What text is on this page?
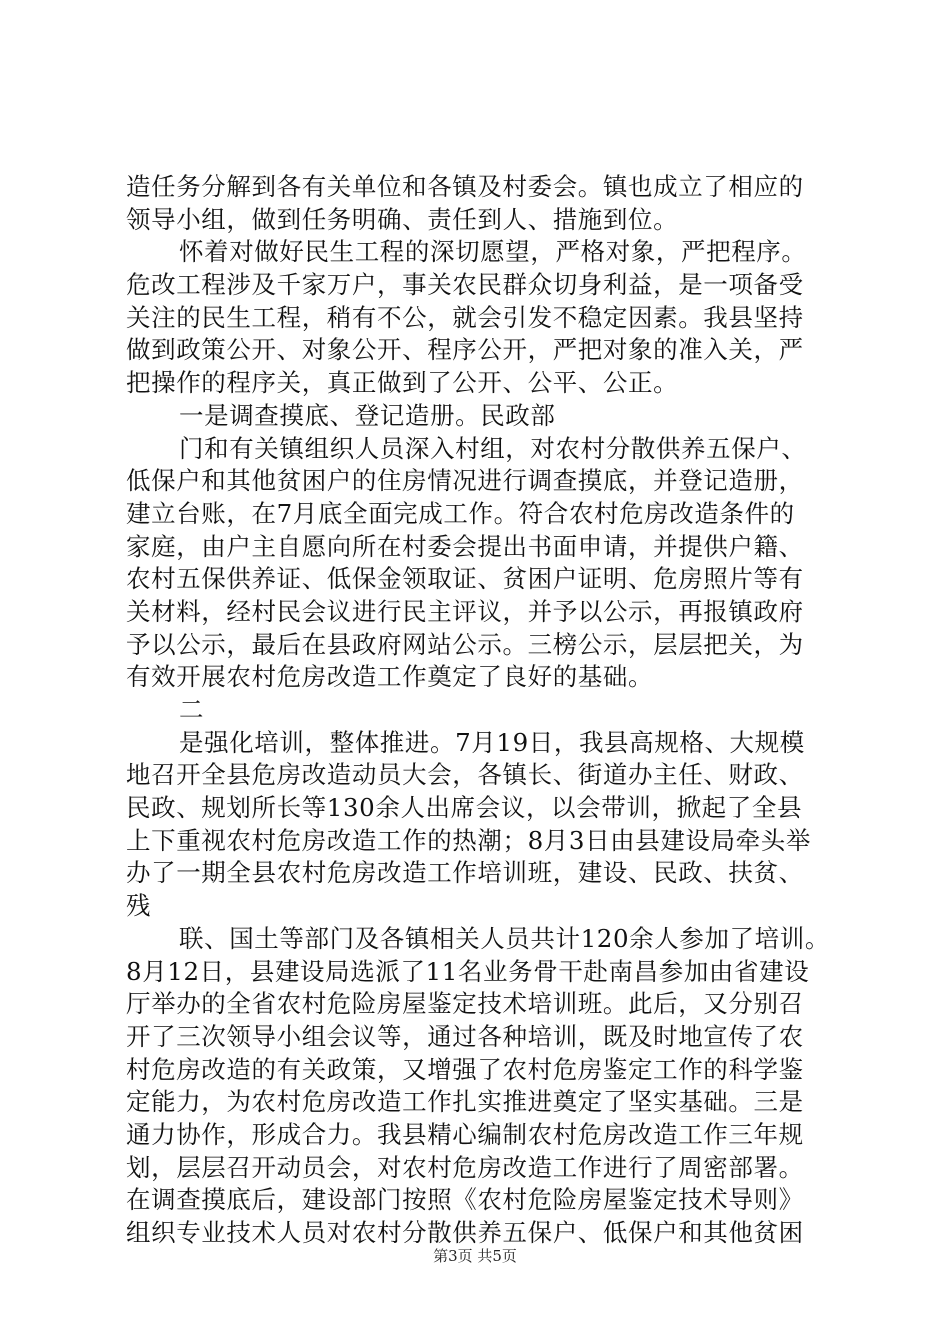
造任务分解到各有关单位和各镇及村委会。镇也成立了相应的
领导小组，做到任务明确、责任到人、措施到位。
怀着对做好民生工程的深切愿望，严格对象，严把程序。
危改工程涉及千家万户，事关农民群众切身利益，是一项备受
关注的民生工程，稍有不公，就会引发不稳定因素。我县坚持
做到政策公开、对象公开、程序公开，严把对象的准入关，严
把操作的程序关，真正做到了公开、公平、公正。
一是调查摸底、登记造册。民政部
门和有关镇组织人员深入村组，对农村分散供养五保户、
低保户和其他贫困户的住房情况进行调查摸底，并登记造册，
建立台账，在7月底全面完成工作。符合农村危房改造条件的
家庭，由户主自愿向所在村委会提出书面申请，并提供户籍、
农村五保供养证、低保金领取证、贫困户证明、危房照片等有
关材料，经村民会议进行民主评议，并予以公示，再报镇政府
予以公示，最后在县政府网站公示。三榜公示，层层把关，为
有效开展农村危房改造工作奠定了良好的基础。
二
是强化培训，整体推进。7月19日，我县高规格、大规模
地召开全县危房改造动员大会，各镇长、街道办主任、财政、
民政、规划所长等130余人出席会议，以会带训，掀起了全县
上下重视农村危房改造工作的热潮；8月3日由县建设局牵头举
办了一期全县农村危房改造工作培训班，建设、民政、扶贫、
残
联、国土等部门及各镇相关人员共计120余人参加了培训。
8月12日，县建设局选派了11名业务骨干赴南昌参加由省建设
厅举办的全省农村危险房屋鉴定技术培训班。此后，又分别召
开了三次领导小组会议等，通过各种培训，既及时地宣传了农
村危房改造的有关政策，又增强了农村危房鉴定工作的科学鉴
定能力，为农村危房改造工作扎实推进奠定了坚实基础。三是
通力协作，形成合力。我县精心编制农村危房改造工作三年规
划，层层召开动员会，对农村危房改造工作进行了周密部署。
在调查摸底后，建设部门按照《农村危险房屋鉴定技术导则》
组织专业技术人员对农村分散供养五保户、低保户和其他贫困
第3页 共5页
